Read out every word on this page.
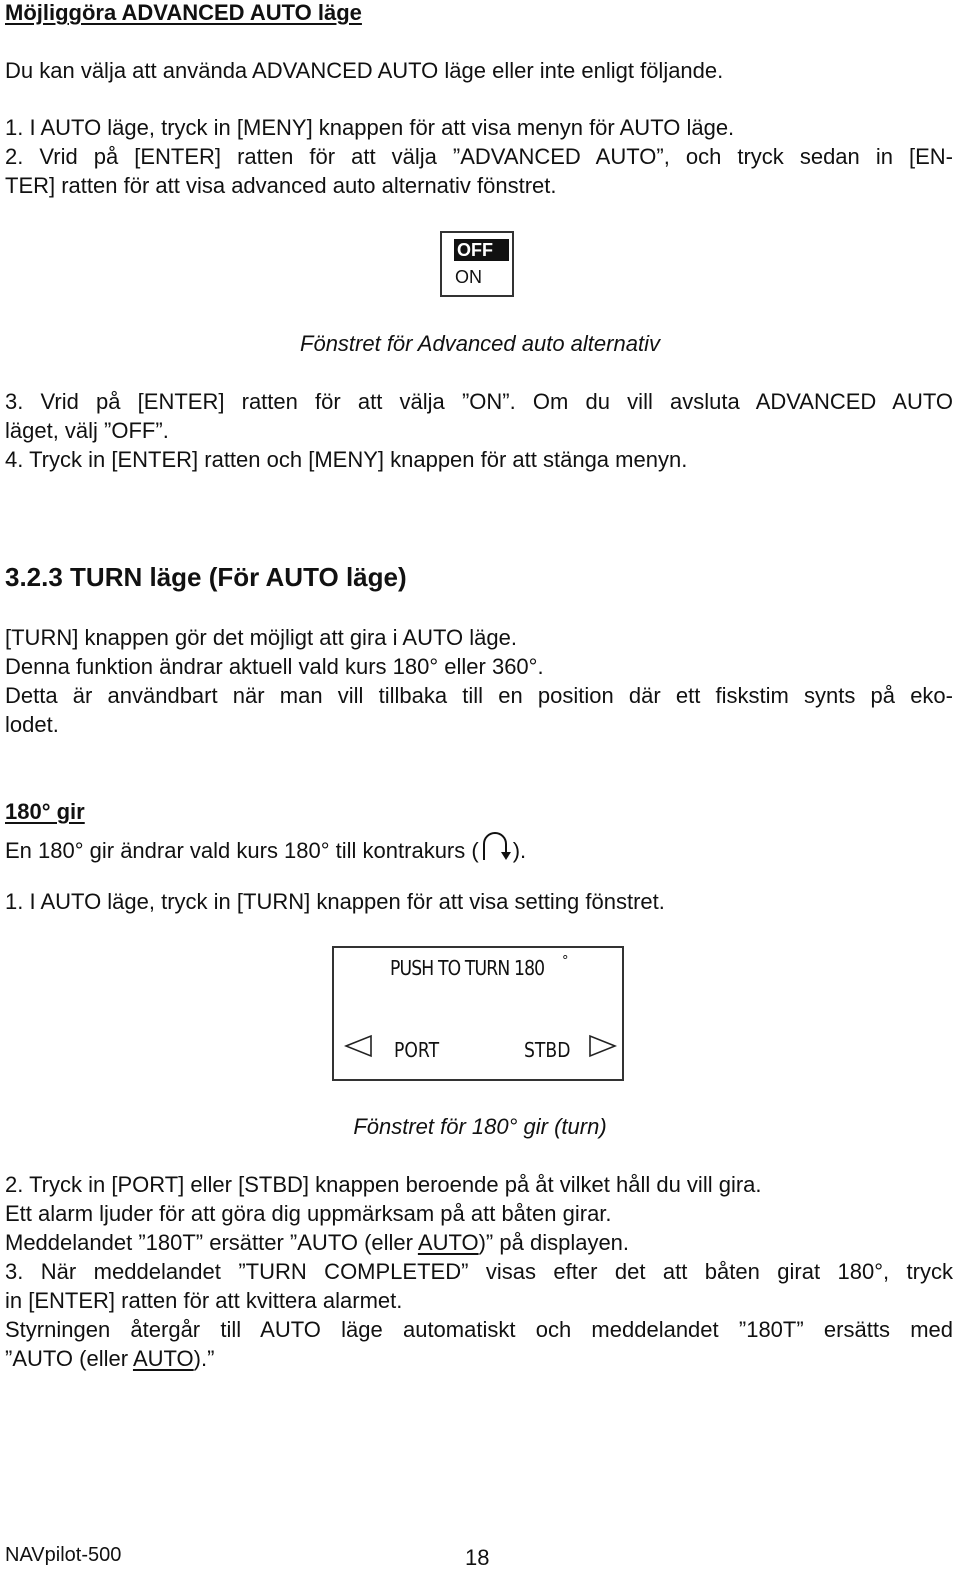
Möjliggöra ADVANCED AUTO läge
Du kan välja att använda ADVANCED AUTO läge eller inte enligt följande.
1. I AUTO läge, tryck in [MENY] knappen för att visa menyn för AUTO läge.
2. Vrid på [ENTER] ratten för att välja ”ADVANCED AUTO”, och tryck sedan in [EN-
TER] ratten för att visa advanced auto alternativ fönstret.
OFF
ON
Fönstret för Advanced auto alternativ
3. Vrid på [ENTER] ratten för att välja ”ON”. Om du vill avsluta ADVANCED AUTO
läget, välj ”OFF”.
4. Tryck in [ENTER] ratten och [MENY] knappen för att stänga menyn.
3.2.3 TURN läge (För AUTO läge)
[TURN] knappen gör det möjligt att gira i AUTO läge.
Denna funktion ändrar aktuell vald kurs 180° eller 360°.
Detta är användbart när man vill tillbaka till en position där ett fiskstim synts på eko-
lodet.
180° gir
En 180° gir ändrar vald kurs 180° till kontrakurs ( ).
1. I AUTO läge, tryck in [TURN] knappen för att visa setting fönstret.
PUSH TO TURN 180 °
PORT	STBD
Fönstret för 180° gir (turn)
2. Tryck in [PORT] eller [STBD] knappen beroende på åt vilket håll du vill gira.
Ett alarm ljuder för att göra dig uppmärksam på att båten girar.
Meddelandet ”180T” ersätter ”AUTO (eller AUTO)” på displayen.
3. När meddelandet ”TURN COMPLETED” visas efter det att båten girat 180°, tryck
in [ENTER] ratten för att kvittera alarmet.
Styrningen återgår till AUTO läge automatiskt och meddelandet ”180T” ersätts med
”AUTO (eller AUTO).”
NAVpilot-500	18
